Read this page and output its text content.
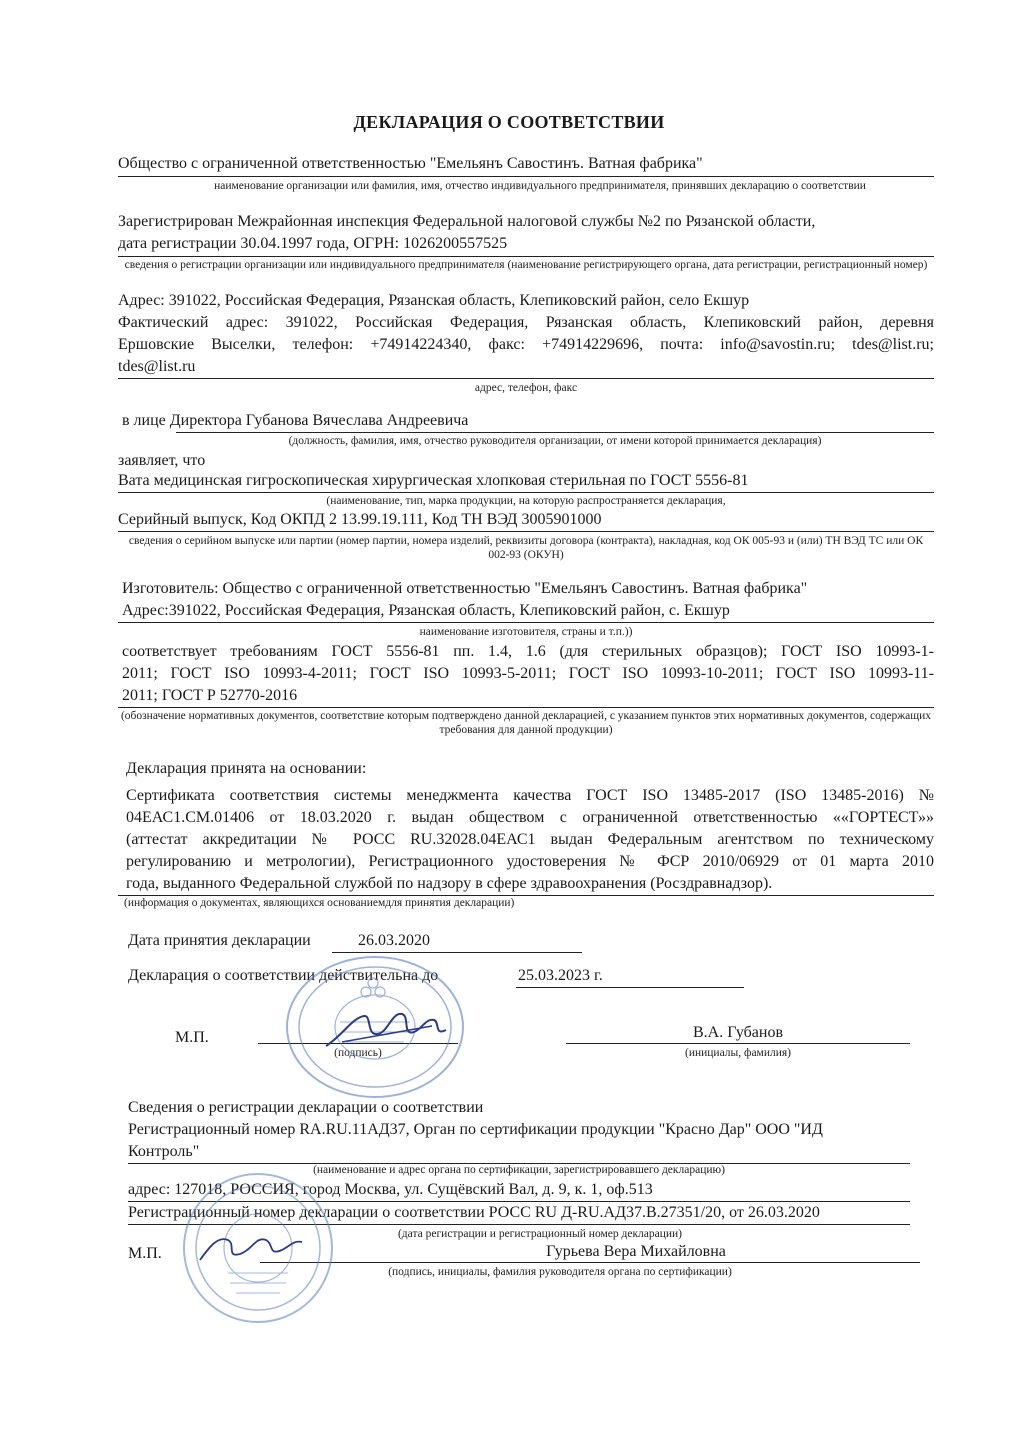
ДЕКЛАРАЦИЯ О СООТВЕТСТВИИ
Общество с ограниченной ответственностью "Емельянъ Савостинъ. Ватная фабрика"
наименование организации или фамилия, имя, отчество индивидуального предпринимателя, принявших декларацию о соответствии
Зарегистрирован Межрайонная инспекция Федеральной налоговой службы №2 по Рязанской области,
дата регистрации 30.04.1997 года, ОГРН: 1026200557525
сведения о регистрации организации или индивидуального предпринимателя (наименование регистрирующего органа, дата регистрации, регистрационный номер)
Адрес: 391022, Российская Федерация, Рязанская область, Клепиковский район, село Екшур
Фактический адрес: 391022, Российская Федерация, Рязанская область, Клепиковский район, деревня
Ершовские Выселки, телефон: +74914224340, факс: +74914229696, почта: info@savostin.ru; tdes@list.ru;
tdes@list.ru
адрес, телефон, факс
в лице Директора Губанова Вячеслава Андреевича
(должность, фамилия, имя, отчество руководителя организации, от имени которой принимается декларация)
заявляет, что
Вата медицинская гигроскопическая хирургическая хлопковая стерильная по ГОСТ 5556-81
(наименование, тип, марка продукции, на которую распространяется декларация,
Серийный выпуск, Код ОКПД 2 13.99.19.111, Код ТН ВЭД 3005901000
сведения о серийном выпуске или партии (номер партии, номера изделий, реквизиты договора (контракта), накладная, код ОК 005-93 и (или) ТН ВЭД ТС или ОК 002-93 (ОКУН)
Изготовитель: Общество с ограниченной ответственностью "Емельянъ Савостинъ. Ватная фабрика"
Адрес:391022, Российская Федерация, Рязанская область, Клепиковский район, с. Екшур
наименование изготовителя, страны и т.п.))
соответствует требованиям ГОСТ 5556-81 пп. 1.4, 1.6 (для стерильных образцов); ГОСТ ISO 10993-1-
2011; ГОСТ ISO 10993-4-2011; ГОСТ ISO 10993-5-2011; ГОСТ ISO 10993-10-2011; ГОСТ ISO 10993-11-
2011; ГОСТ Р 52770-2016
(обозначение нормативных документов, соответствие которым подтверждено данной декларацией, с указанием пунктов этих нормативных документов, содержащих требования для данной продукции)
Декларация принята на основании:
Сертификата соответствия системы менеджмента качества ГОСТ ISO 13485-2017 (ISO 13485-2016) №
04ЕАС1.СМ.01406 от 18.03.2020 г. выдан обществом с ограниченной ответственностью ««ГОРТЕСТ»»
(аттестат аккредитации № РОСС RU.32028.04ЕАС1 выдан Федеральным агентством по техническому
регулированию и метрологии), Регистрационного удостоверения № ФСР 2010/06929 от 01 марта 2010
года, выданного Федеральной службой по надзору в сфере здравоохранения (Росздравнадзор).
(информация о документах, являющихся основаниемдля принятия декларации)
Дата принятия декларации	26.03.2020
Декларация о соответствии действительна до	25.03.2023 г.
М.П.
(подпись)
В.А. Губанов
(инициалы, фамилия)
Сведения о регистрации декларации о соответствии
Регистрационный номер RA.RU.11АД37, Орган по сертификации продукции "Красно Дар" ООО "ИД
Контроль"
(наименование и адрес органа по сертификации, зарегистрировавшего декларацию)
адрес: 127018, РОССИЯ, город Москва, ул. Сущёвский Вал, д. 9, к. 1, оф.513
Регистрационный номер декларации о соответствии РОСС RU Д-RU.АД37.В.27351/20, от 26.03.2020
(дата регистрации и регистрационный номер декларации)
М.П.	Гурьева Вера Михайловна
(подпись, инициалы, фамилия руководителя органа по сертификации)
